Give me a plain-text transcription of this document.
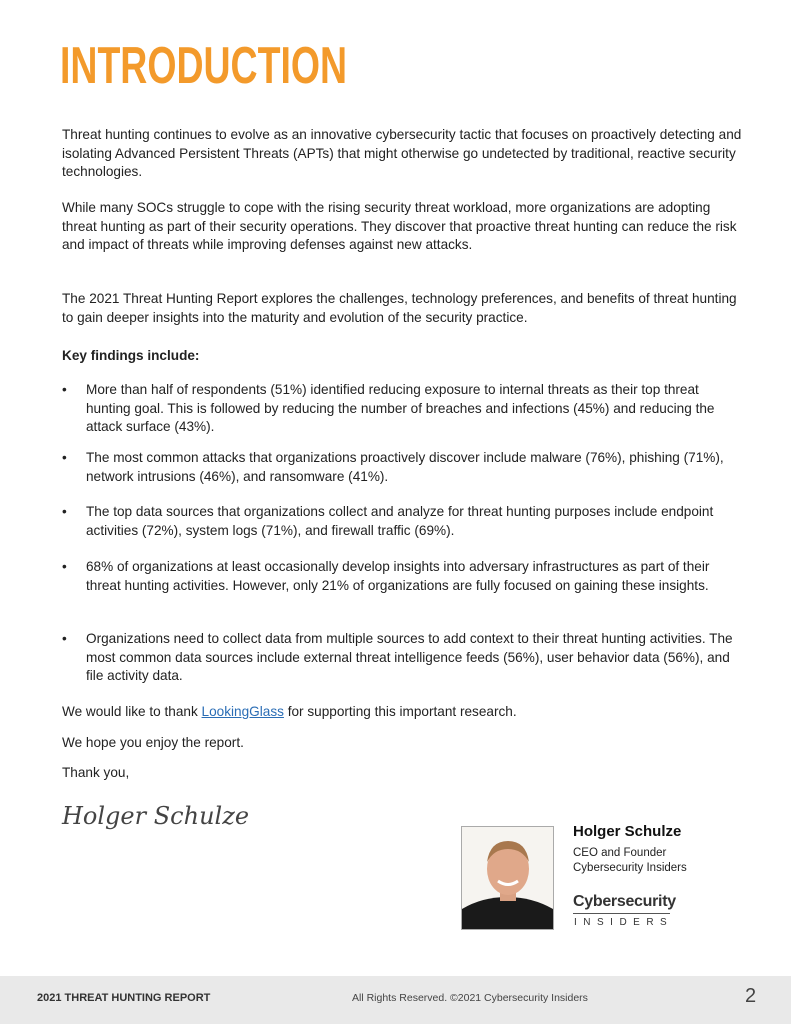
INTRODUCTION

Threat hunting continues to evolve as an innovative cybersecurity tactic that focuses on proactively detecting and isolating Advanced Persistent Threats (APTs) that might otherwise go undetected by traditional, reactive security technologies.

While many SOCs struggle to cope with the rising security threat workload, more organizations are adopting threat hunting as part of their security operations. They discover that proactive threat hunting can reduce the risk and impact of threats while improving defenses against new attacks.

The 2021 Threat Hunting Report explores the challenges, technology preferences, and benefits of threat hunting to gain deeper insights into the maturity and evolution of the security practice.

Key findings include:

• More than half of respondents (51%) identified reducing exposure to internal threats as their top threat hunting goal. This is followed by reducing the number of breaches and infections (45%) and reducing the attack surface (43%).
• The most common attacks that organizations proactively discover include malware (76%), phishing (71%), network intrusions (46%), and ransomware (41%).
• The top data sources that organizations collect and analyze for threat hunting purposes include endpoint activities (72%), system logs (71%), and firewall traffic (69%).
• 68% of organizations at least occasionally develop insights into adversary infrastructures as part of their threat hunting activities. However, only 21% of organizations are fully focused on gaining these insights.
• Organizations need to collect data from multiple sources to add context to their threat hunting activities. The most common data sources include external threat intelligence feeds (56%), user behavior data (56%), and file activity data.

We would like to thank LookingGlass for supporting this important research.

We hope you enjoy the report.

Thank you,

Holger Schulze
Holger Schulze
CEO and Founder
Cybersecurity Insiders
Cybersecurity
INSIDERS
2021 THREAT HUNTING REPORT	All Rights Reserved. ©2021 Cybersecurity Insiders	2
